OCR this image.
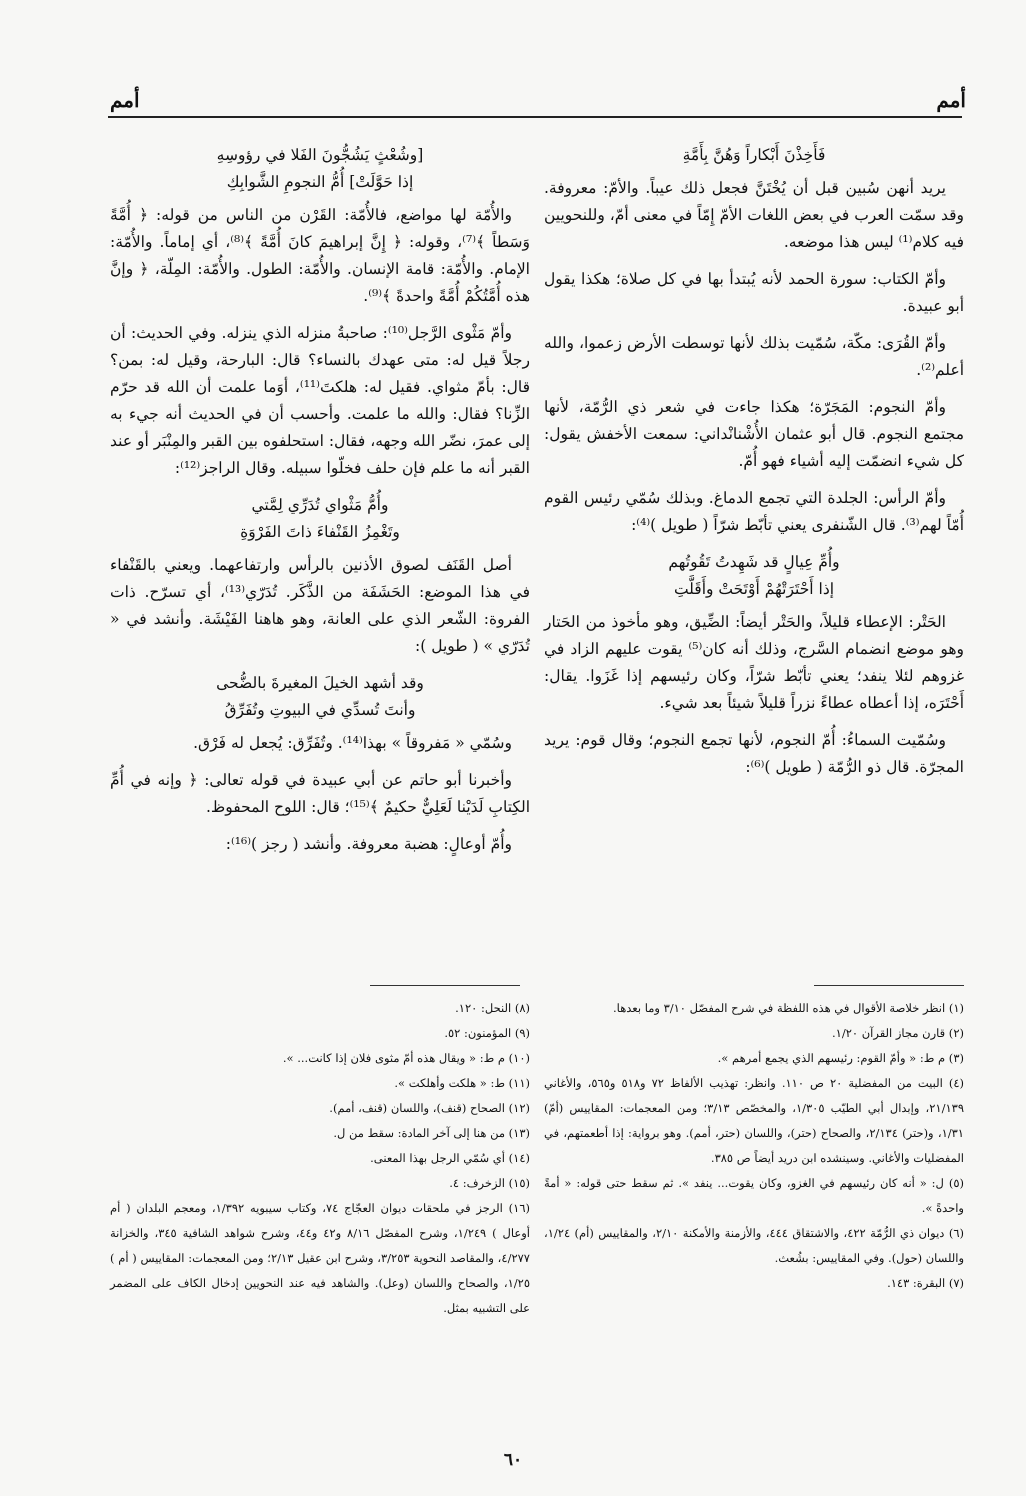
أمم
أمم
فَأَخِذْنَ أَبْكاراً وَهُنَّ بِأَمَّةِ

يريد أنهن سُبين قبل أن يُخْتَنَّ فجعل ذلك عيباً. والأمّ: معروفة. وقد سمّت العرب في بعض اللغات الأمّ إِمّاً في معنى أمّ، وللنحويين فيه كلام⁽¹⁾ ليس هذا موضعه.

وأمّ الكتاب: سورة الحمد لأنه يُبتدأ بها في كل صلاة؛ هكذا يقول أبو عبيدة.

وأمّ القُرَى: مكّة، سُمّيت بذلك لأنها توسطت الأرض زعموا، والله أعلم⁽²⁾.

وأمّ النجوم: المَجَرّة؛ هكذا جاءت في شعر ذي الرُّمّة، لأنها مجتمع النجوم. قال أبو عثمان الأُشْنانْداني: سمعت الأخفش يقول: كل شيء انضمّت إليه أشياء فهو أُمّ.

وأمّ الرأس: الجلدة التي تجمع الدماغ. وبذلك سُمّي رئيس القوم أُمّاً لهم⁽³⁾. قال الشّنفرى يعني تأبّط شرّاً ( طويل )⁽⁴⁾:

وأُمِّ عِيالٍ قد شَهِدتُ تَقُوتُهم
إذا أَحْتَرَتْهُمْ أَوْتَحَتْ وأَقَلَّتِ

الحَتْر: الإعطاء قليلاً، والحَتْر أيضاً: الضِّيق، وهو مأخوذ من الحَتار وهو موضع انضمام السَّرج، وذلك أنه كان⁽⁵⁾ يقوت عليهم الزاد في غزوهم لئلا ينفد؛ يعني تأبّط شرّاً، وكان رئيسهم إذا غَزَوا. يقال: أَحْتَرَه، إذا أعطاه عطاءً نزراً قليلاً شيئاً بعد شيء.

وسُمّيت السماءُ: أُمّ النجوم، لأنها تجمع النجوم؛ وقال قوم: يريد المجرّة. قال ذو الرُّمّة ( طويل )⁽⁶⁾:

[وشُعْثٍ يَشُجُّونَ الفَلا في رؤوسِهِ
إذا حَوَّلَتْ] أُمُّ النجومِ الشَّوابِكِ

والأُمّة لها مواضع، فالأُمّة: القَرْن من الناس من قوله: ﴿ أُمَّةً وَسَطاً ﴾⁽⁷⁾، وقوله: ﴿ إِنَّ إبراهيمَ كانَ أُمَّةً ﴾⁽⁸⁾، أي إماماً. والأُمّة: الإمام. والأُمّة: قامة الإنسان. والأُمّة: الطول. والأُمّة: المِلّة، ﴿ وإنَّ هذه أُمَّتُكُمْ أُمَّةً واحدةً ﴾⁽⁹⁾.

وأمّ مَثْوى الرَّجل⁽¹⁰⁾: صاحبةُ منزله الذي ينزله. وفي الحديث: أن رجلاً قيل له: متى عهدك بالنساء؟ قال: البارحة، وقيل له: بمن؟ قال: بأمّ مثواي. فقيل له: هلكتَ⁽¹¹⁾، أوَما علمت أن الله قد حرّم الزِّنا؟ فقال: والله ما علمت. وأحسب أن في الحديث أنه جيء به إلى عمرَ، نضّر الله وجهه، فقال: استحلفوه بين القبر والمِنْبَر أو عند القبر أنه ما علم فإن حلف فخلّوا سبيله. وقال الراجز⁽¹²⁾:

وأُمُّ مَثْواي تُدَرِّي لِمَّتي
وتَغْمِزُ القَنْفاءَ ذاتَ الفَرْوَةِ

أصل القَنَف لصوق الأذنين بالرأس وارتفاعهما. ويعني بالقَنْفاء في هذا الموضع: الحَشَفَة من الذَّكَر. تُدَرّي⁽¹³⁾، أي تسرّح. ذات الفروة: الشّعر الذي على العانة، وهو هاهنا الفَيْشَة. وأنشد في « تُدَرّي » ( طويل ):

وقد أشهد الخيلَ المغيرةَ بالضُّحى
وأنتَ تُسدِّي في البيوتِ وتُفَرِّقُ

وسُمّي « مَفروقاً » بهذا⁽¹⁴⁾. وتُفَرِّق: يُجعل له فَرْق.

وأخبرنا أبو حاتم عن أبي عبيدة في قوله تعالى: ﴿ وإنه في أُمِّ الكِتابِ لَدَيْنا لَعَلِيٌّ حكيمٌ ﴾⁽¹⁵⁾؛ قال: اللوح المحفوظ.

وأُمّ أوعالٍ: هضبة معروفة. وأنشد ( رجز )⁽¹⁶⁾:

(١) انظر خلاصة الأقوال في هذه اللفظة في شرح المفصّل ٣/١٠ وما بعدها.

(٢) قارن مجاز القرآن ١/٢٠.

(٣) م ط: « وأمّ القوم: رئيسهم الذي يجمع أمرهم ».

(٤) البيت من المفضلية ٢٠ ص ١١٠. وانظر: تهذيب الألفاظ ٧٢ و٥١٨ و٥٦٥، والأغاني ٢١/١٣٩، وإبدال أبي الطيّب ١/٣٠٥، والمخصّص ٣/١٣؛ ومن المعجمات: المقاييس (أمّ) ١/٣١، و(حتر) ٢/١٣٤، والصحاح (حتر)، واللسان (حتر، أمم). وهو برواية: إذا أطعمتهم، في المفضليات والأغاني. وسينشده ابن دريد أيضاً ص ٣٨٥.

(٥) ل: « أنه كان رئيسهم في الغزو، وكان يقوت... ينفد ». ثم سقط حتى قوله: « أمةً واحدةً ».

(٦) ديوان ذي الرُّمّة ٤٢٢، والاشتقاق ٤٤٤، والأزمنة والأمكنة ٢/١٠، والمقاييس (أم) ١/٢٤، واللسان (حول). وفي المقاييس: بشُعث.

(٧) البقرة: ١٤٣.

(٨) النحل: ١٢٠.

(٩) المؤمنون: ٥٢.

(١٠) م ط: « ويقال هذه أمّ مثوى فلان إذا كانت... ».

(١١) ط: « هلكت وأهلكت ».

(١٢) الصحاح (قنف)، واللسان (قنف، أمم).

(١٣) من هنا إلى آخر المادة: سقط من ل.

(١٤) أي سُمّي الرجل بهذا المعنى.

(١٥) الزخرف: ٤.

(١٦) الرجز في ملحقات ديوان العجّاج ٧٤، وكتاب سيبويه ١/٣٩٢، ومعجم البلدان ( أم أوعال ) ١/٢٤٩، وشرح المفصّل ٨/١٦ و٤٢ و٤٤، وشرح شواهد الشافية ٣٤٥، والخزانة ٤/٢٧٧، والمقاصد النحوية ٣/٢٥٣، وشرح ابن عقيل ٢/١٣؛ ومن المعجمات: المقاييس ( أم ) ١/٢٥، والصحاح واللسان (وعل). والشاهد فيه عند النحويين إدخال الكاف على المضمر على التشبيه بمثل.

٦٠
